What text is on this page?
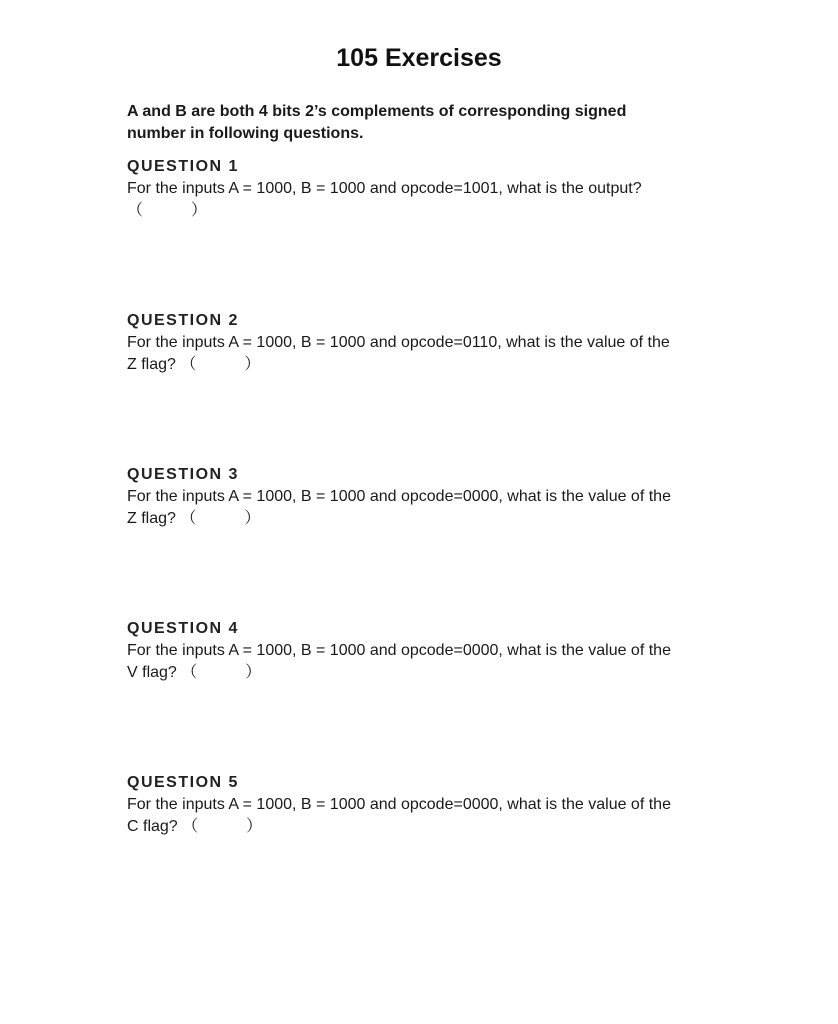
105 Exercises
A and B are both 4 bits 2’s complements of corresponding signed number in following questions.
QUESTION 1
For the inputs A = 1000, B = 1000 and opcode=1001, what is the output?
（　　　）
QUESTION 2
For the inputs A = 1000, B = 1000 and opcode=0110, what is the value of the
Z flag? （　　　）
QUESTION 3
For the inputs A = 1000, B = 1000 and opcode=0000, what is the value of the
Z flag? （　　　）
QUESTION 4
For the inputs A = 1000, B = 1000 and opcode=0000, what is the value of the
V flag? （　　　）
QUESTION 5
For the inputs A = 1000, B = 1000 and opcode=0000, what is the value of the
C flag? （　　　）
